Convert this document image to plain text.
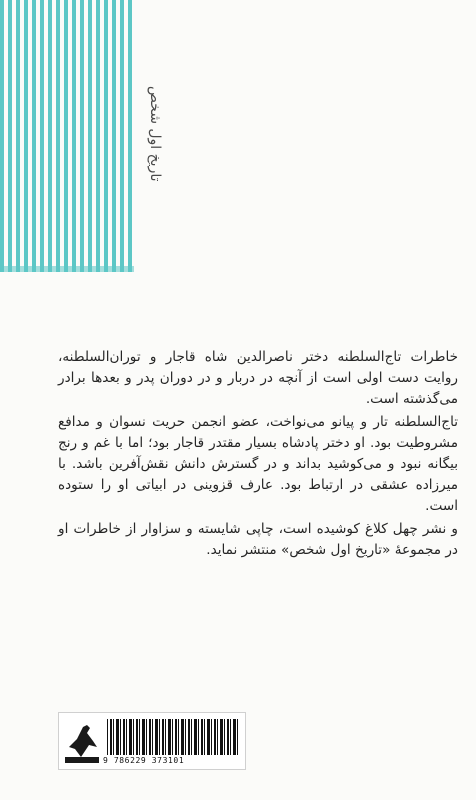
تاریخ اول شخص

خاطرات تاج‌السلطنه دختر ناصرالدین شاه قاجار و توران‌السلطنه، روایت دست اولی است از آنچه در دربار و در دوران پدر و بعدها برادر می‌گذشته است.

تاج‌السلطنه تار و پیانو می‌نواخت، عضو انجمن حریت نسوان و مدافع مشروطیت بود. او دختر پادشاه بسیار مقتدر قاجار بود؛ اما با غم و رنج بیگانه نبود و می‌کوشید بداند و در گسترش دانش نقش‌آفرین باشد. با میرزاده عشقی در ارتباط بود. عارف قزوینی در ابیاتی او را ستوده است.

و نشر چهل کلاغ کوشیده است، چاپی شایسته و سزاوار از خاطرات او در مجموعهٔ «تاریخ اول شخص» منتشر نماید.

9 786229 373101
